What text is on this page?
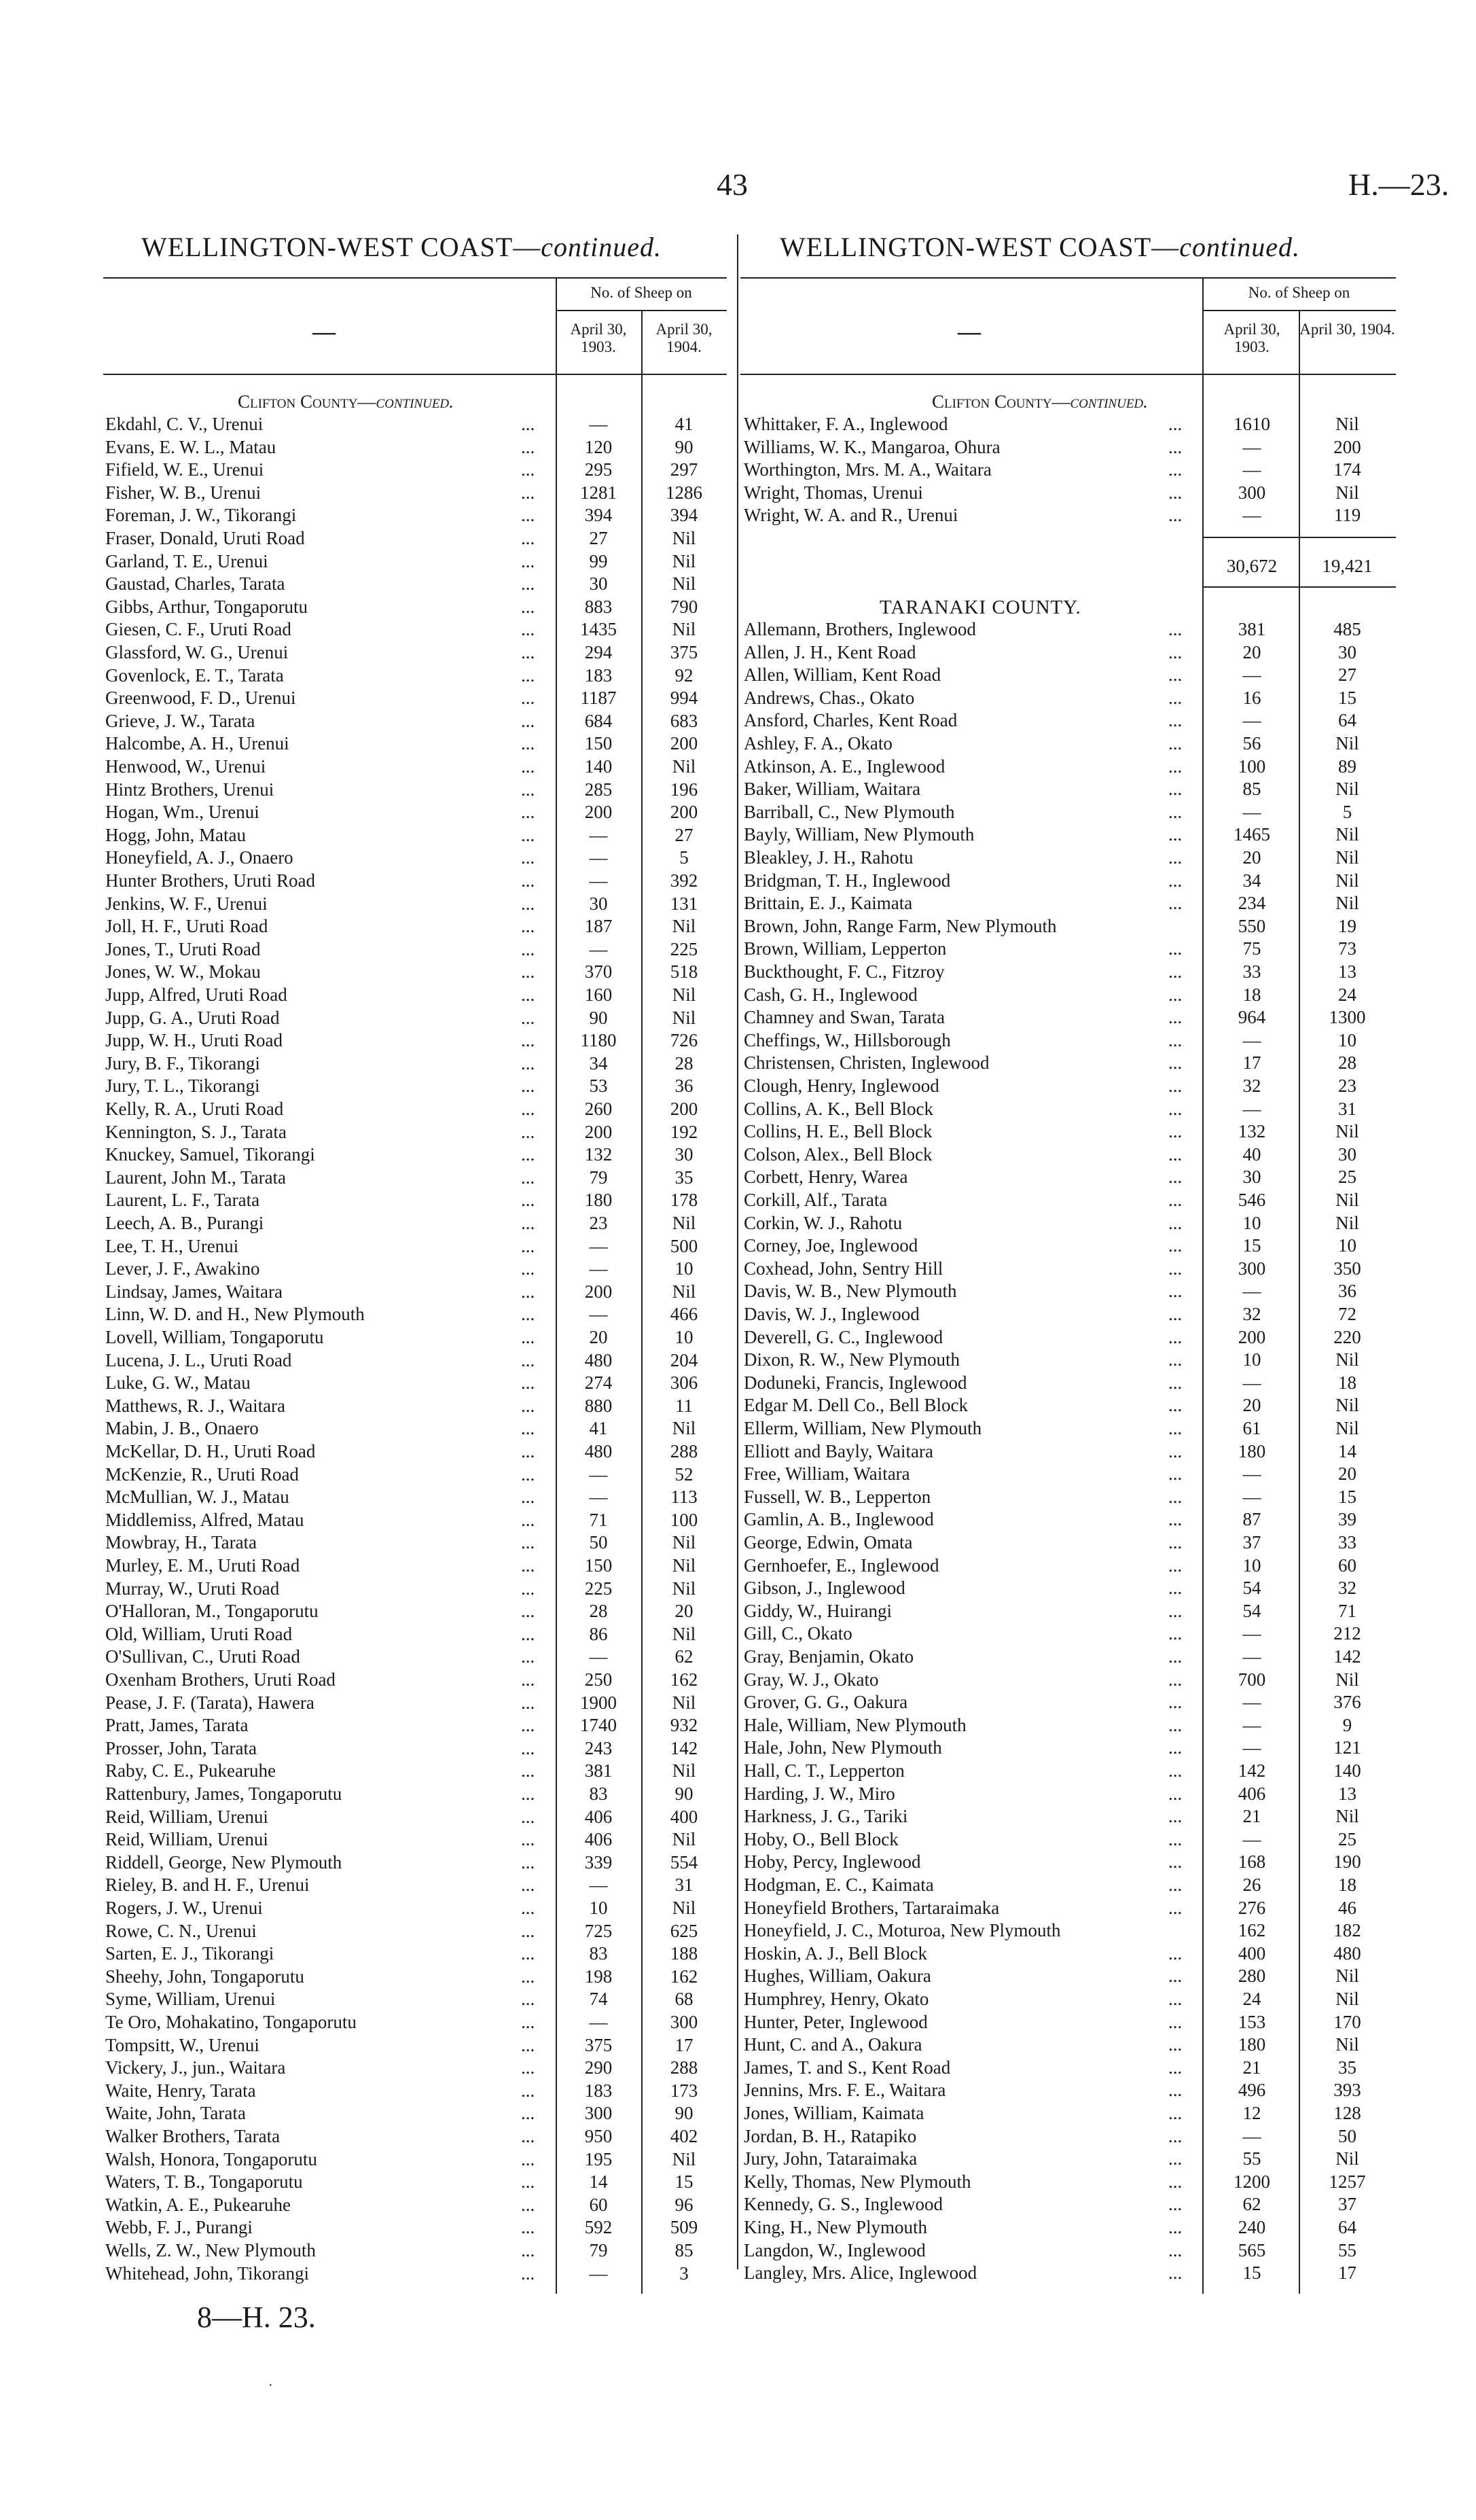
43	H.—23.
WELLINGTON-WEST COAST—continued.	WELLINGTON-WEST COAST—continued.
No. of Sheep on
April 30, 1903.
April 30, 1904.
—
Clifton County—continued.
Ekdahl, C. V., Urenui	...	—	41
Evans, E. W. L., Matau	...	120	90
Fifield, W. E., Urenui	...	295	297
Fisher, W. B., Urenui	...	1281	1286
Foreman, J. W., Tikorangi	...	394	394
Fraser, Donald, Uruti Road	...	27	Nil
Garland, T. E., Urenui	...	99	Nil
Gaustad, Charles, Tarata	...	30	Nil
Gibbs, Arthur, Tongaporutu	...	883	790
Giesen, C. F., Uruti Road	...	1435	Nil
Glassford, W. G., Urenui	...	294	375
Govenlock, E. T., Tarata	...	183	92
Greenwood, F. D., Urenui	...	1187	994
Grieve, J. W., Tarata	...	684	683
Halcombe, A. H., Urenui	...	150	200
Henwood, W., Urenui	...	140	Nil
Hintz Brothers, Urenui	...	285	196
Hogan, Wm., Urenui	...	200	200
Hogg, John, Matau	...	—	27
Honeyfield, A. J., Onaero	...	—	5
Hunter Brothers, Uruti Road	...	—	392
Jenkins, W. F., Urenui	...	30	131
Joll, H. F., Uruti Road	...	187	Nil
Jones, T., Uruti Road	...	—	225
Jones, W. W., Mokau	...	370	518
Jupp, Alfred, Uruti Road	...	160	Nil
Jupp, G. A., Uruti Road	...	90	Nil
Jupp, W. H., Uruti Road	...	1180	726
Jury, B. F., Tikorangi	...	34	28
Jury, T. L., Tikorangi	...	53	36
Kelly, R. A., Uruti Road	...	260	200
Kennington, S. J., Tarata	...	200	192
Knuckey, Samuel, Tikorangi	...	132	30
Laurent, John M., Tarata	...	79	35
Laurent, L. F., Tarata	...	180	178
Leech, A. B., Purangi	...	23	Nil
Lee, T. H., Urenui	...	—	500
Lever, J. F., Awakino	...	—	10
Lindsay, James, Waitara	...	200	Nil
Linn, W. D. and H., New Plymouth	...	—	466
Lovell, William, Tongaporutu	...	20	10
Lucena, J. L., Uruti Road	...	480	204
Luke, G. W., Matau	...	274	306
Matthews, R. J., Waitara	...	880	11
Mabin, J. B., Onaero	...	41	Nil
McKellar, D. H., Uruti Road	...	480	288
McKenzie, R., Uruti Road	...	—	52
McMullian, W. J., Matau	...	—	113
Middlemiss, Alfred, Matau	...	71	100
Mowbray, H., Tarata	...	50	Nil
Murley, E. M., Uruti Road	...	150	Nil
Murray, W., Uruti Road	...	225	Nil
O'Halloran, M., Tongaporutu	...	28	20
Old, William, Uruti Road	...	86	Nil
O'Sullivan, C., Uruti Road	...	—	62
Oxenham Brothers, Uruti Road	...	250	162
Pease, J. F. (Tarata), Hawera	...	1900	Nil
Pratt, James, Tarata	...	1740	932
Prosser, John, Tarata	...	243	142
Raby, C. E., Pukearuhe	...	381	Nil
Rattenbury, James, Tongaporutu	...	83	90
Reid, William, Urenui	...	406	400
Reid, William, Urenui	...	406	Nil
Riddell, George, New Plymouth	...	339	554
Rieley, B. and H. F., Urenui	...	—	31
Rogers, J. W., Urenui	...	10	Nil
Rowe, C. N., Urenui	...	725	625
Sarten, E. J., Tikorangi	...	83	188
Sheehy, John, Tongaporutu	...	198	162
Syme, William, Urenui	...	74	68
Te Oro, Mohakatino, Tongaporutu	...	—	300
Tompsitt, W., Urenui	...	375	17
Vickery, J., jun., Waitara	...	290	288
Waite, Henry, Tarata	...	183	173
Waite, John, Tarata	...	300	90
Walker Brothers, Tarata	...	950	402
Walsh, Honora, Tongaporutu	...	195	Nil
Waters, T. B., Tongaporutu	...	14	15
Watkin, A. E., Pukearuhe	...	60	96
Webb, F. J., Purangi	...	592	509
Wells, Z. W., New Plymouth	...	79	85
Whitehead, John, Tikorangi	...	—	3
No. of Sheep on
April 30, 1903.
April 30, 1904.
—
Clifton County—continued.
Whittaker, F. A., Inglewood	...	1610	Nil
Williams, W. K., Mangaroa, Ohura	...	—	200
Worthington, Mrs. M. A., Waitara	...	—	174
Wright, Thomas, Urenui	...	300	Nil
Wright, W. A. and R., Urenui	...	—	119
30,672	19,421
TARANAKI COUNTY.
Allemann, Brothers, Inglewood	...	381	485
Allen, J. H., Kent Road	...	20	30
Allen, William, Kent Road	...	—	27
Andrews, Chas., Okato	...	16	15
Ansford, Charles, Kent Road	...	—	64
Ashley, F. A., Okato	...	56	Nil
Atkinson, A. E., Inglewood	...	100	89
Baker, William, Waitara	...	85	Nil
Barriball, C., New Plymouth	...	—	5
Bayly, William, New Plymouth	...	1465	Nil
Bleakley, J. H., Rahotu	...	20	Nil
Bridgman, T. H., Inglewood	...	34	Nil
Brittain, E. J., Kaimata	...	234	Nil
Brown, John, Range Farm, New Plymouth	550	19
Brown, William, Lepperton	...	75	73
Buckthought, F. C., Fitzroy	...	33	13
Cash, G. H., Inglewood	...	18	24
Chamney and Swan, Tarata	...	964	1300
Cheffings, W., Hillsborough	...	—	10
Christensen, Christen, Inglewood	...	17	28
Clough, Henry, Inglewood	...	32	23
Collins, A. K., Bell Block	...	—	31
Collins, H. E., Bell Block	...	132	Nil
Colson, Alex., Bell Block	...	40	30
Corbett, Henry, Warea	...	30	25
Corkill, Alf., Tarata	...	546	Nil
Corkin, W. J., Rahotu	...	10	Nil
Corney, Joe, Inglewood	...	15	10
Coxhead, John, Sentry Hill	...	300	350
Davis, W. B., New Plymouth	...	—	36
Davis, W. J., Inglewood	...	32	72
Deverell, G. C., Inglewood	...	200	220
Dixon, R. W., New Plymouth	...	10	Nil
Doduneki, Francis, Inglewood	...	—	18
Edgar M. Dell Co., Bell Block	...	20	Nil
Ellerm, William, New Plymouth	...	61	Nil
Elliott and Bayly, Waitara	...	180	14
Free, William, Waitara	...	—	20
Fussell, W. B., Lepperton	...	—	15
Gamlin, A. B., Inglewood	...	87	39
George, Edwin, Omata	...	37	33
Gernhoefer, E., Inglewood	...	10	60
Gibson, J., Inglewood	...	54	32
Giddy, W., Huirangi	...	54	71
Gill, C., Okato	...	—	212
Gray, Benjamin, Okato	...	—	142
Gray, W. J., Okato	...	700	Nil
Grover, G. G., Oakura	...	—	376
Hale, William, New Plymouth	...	—	9
Hale, John, New Plymouth	...	—	121
Hall, C. T., Lepperton	...	142	140
Harding, J. W., Miro	...	406	13
Harkness, J. G., Tariki	...	21	Nil
Hoby, O., Bell Block	...	—	25
Hoby, Percy, Inglewood	...	168	190
Hodgman, E. C., Kaimata	...	26	18
Honeyfield Brothers, Tartaraimaka	...	276	46
Honeyfield, J. C., Moturoa, New Plymouth	162	182
Hoskin, A. J., Bell Block	...	400	480
Hughes, William, Oakura	...	280	Nil
Humphrey, Henry, Okato	...	24	Nil
Hunter, Peter, Inglewood	...	153	170
Hunt, C. and A., Oakura	...	180	Nil
James, T. and S., Kent Road	...	21	35
Jennins, Mrs. F. E., Waitara	...	496	393
Jones, William, Kaimata	...	12	128
Jordan, B. H., Ratapiko	...	—	50
Jury, John, Tataraimaka	...	55	Nil
Kelly, Thomas, New Plymouth	...	1200	1257
Kennedy, G. S., Inglewood	...	62	37
King, H., New Plymouth	...	240	64
Langdon, W., Inglewood	...	565	55
Langley, Mrs. Alice, Inglewood	...	15	17
8—H. 23.
·
